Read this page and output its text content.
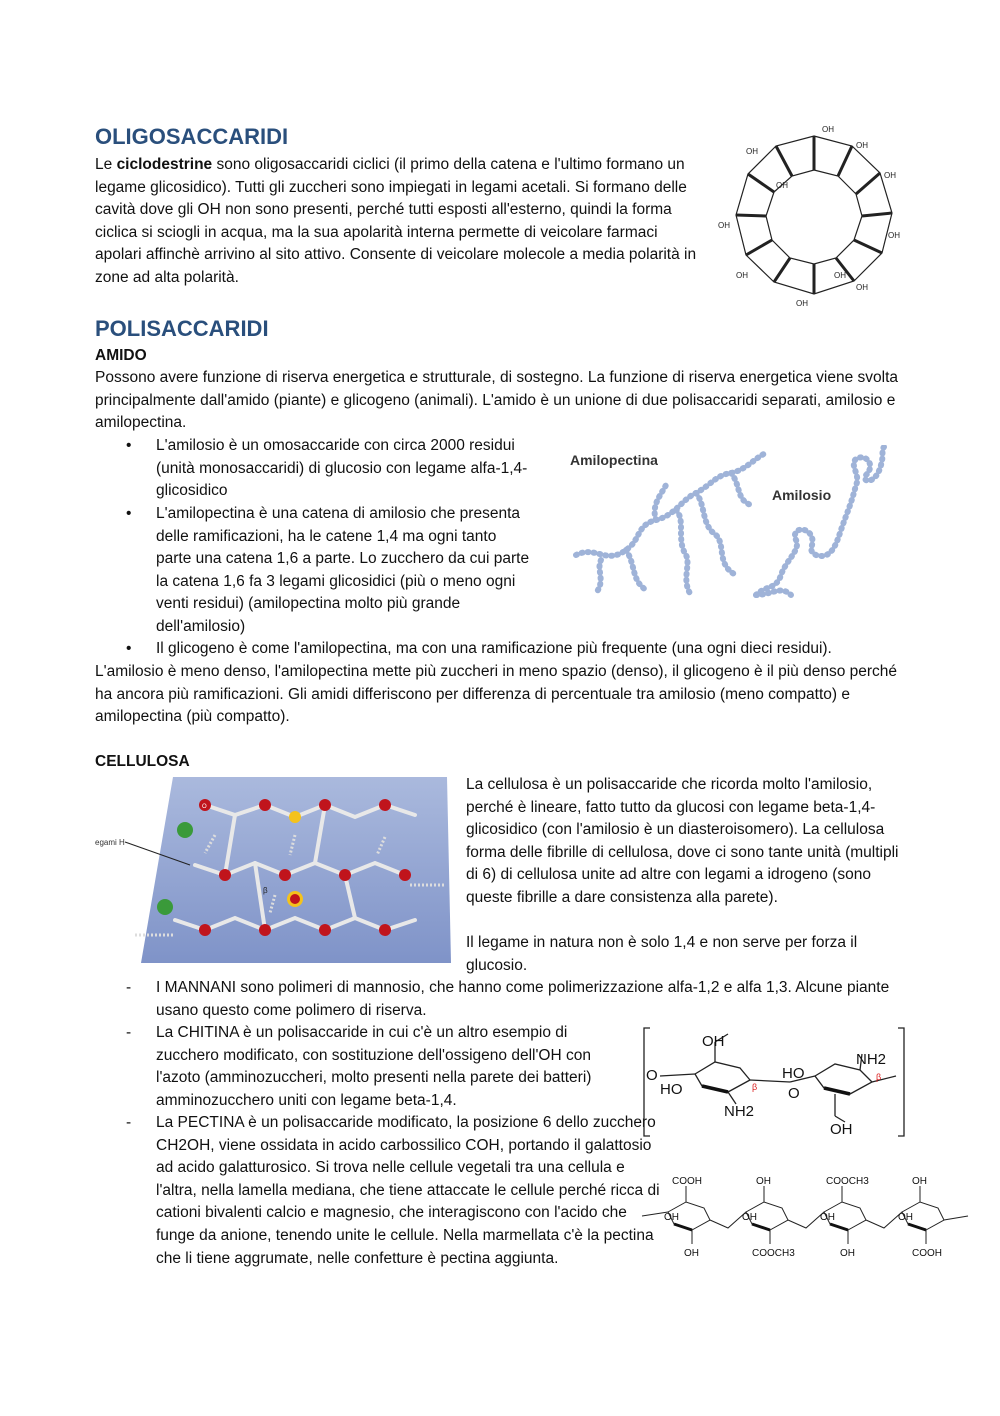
OLIGOSACCARIDI

Le ciclodestrine sono oligosaccaridi ciclici (il primo della catena e l'ultimo formano un legame glicosidico). Tutti gli zuccheri sono impiegati in legami acetali. Si formano delle cavità dove gli OH non sono presenti, perché tutti esposti all'esterno, quindi la forma ciclica si sciogli in acqua, ma la sua apolarità interna permette di veicolare farmaci apolari affinchè arrivino al sito attivo. Consente di veicolare molecole a media polarità in zone ad alta polarità.

OH
OH
OH
OH
OH
OH
OH
OH
OH
OH
OH
POLISACCARIDI
AMIDO

Possono avere funzione di riserva energetica e strutturale, di sostegno. La funzione di riserva energetica viene svolta principalmente dall'amido (piante) e glicogeno (animali). L'amido è un unione di due polisaccaridi separati, amilosio e amilopectina.

• L'amilosio è un omosaccaride con circa 2000 residui (unità monosaccaridi) di glucosio con legame alfa-1,4-glicosidico
• L'amilopectina è una catena di amilosio che presenta delle ramificazioni, ha le catene 1,4 ma ogni tanto parte una catena 1,6 a parte. Lo zucchero da cui parte la catena 1,6 fa 3 legami glicosidici (più o meno ogni venti residui) (amilopectina molto più grande dell'amilosio)
• Il glicogeno è come l'amilopectina, ma con una ramificazione più frequente (una ogni dieci residui).

L'amilosio è meno denso, l'amilopectina mette più zuccheri in meno spazio (denso), il glicogeno è il più denso perché ha ancora più ramificazioni. Gli amidi differiscono per differenza di percentuale tra amilosio (meno compatto) e amilopectina (più compatto).

Amilopectina
Amilosio
CELLULOSA

La cellulosa è un polisaccaride che ricorda molto l'amilosio, perché è lineare, fatto tutto da glucosi con legame beta-1,4-glicosidico (con l'amilosio è un diasteroisomero). La cellulosa forma delle fibrille di cellulosa, dove ci sono tante unità (multipli di 6) di cellulosa unite ad altre con legami a idrogeno (sono queste fibrille a dare consistenza alla parete).

Il legame in natura non è solo 1,4 e non serve per forza il glucosio.

egami H
β
O
- I MANNANI sono polimeri di mannosio, che hanno come polimerizzazione alfa-1,2 e alfa 1,3. Alcune piante usano questo come polimero di riserva.
- La CHITINA è un polisaccaride in cui c'è un altro esempio di zucchero modificato, con sostituzione dell'ossigeno dell'OH con l'azoto (amminozuccheri, molto presenti nella parete dei batteri) amminozucchero uniti con legame beta-1,4.
- La PECTINA è un polisaccaride modificato, la posizione 6 dello zucchero CH2OH, viene ossidata in acido carbossilico COH, portando il galattosio ad acido galatturosico. Si trova nelle cellule vegetali tra una cellula e l'altra, nella lamella mediana, che tiene attaccate le cellule perché ricca di cationi bivalenti calcio e magnesio, che interagiscono con l'acido che funge da anione, tenendo unite le cellule. Nella marmellata c'è la pectina che li tiene aggrumate, nelle confetture è pectina aggiunta.
OH
HO
NH2
HO
NH2
OH
O
O
β
β
COOH	OH	COOCH3	OH
OH	OH	OH	OH
OH	COOCH3	OH	COOH
